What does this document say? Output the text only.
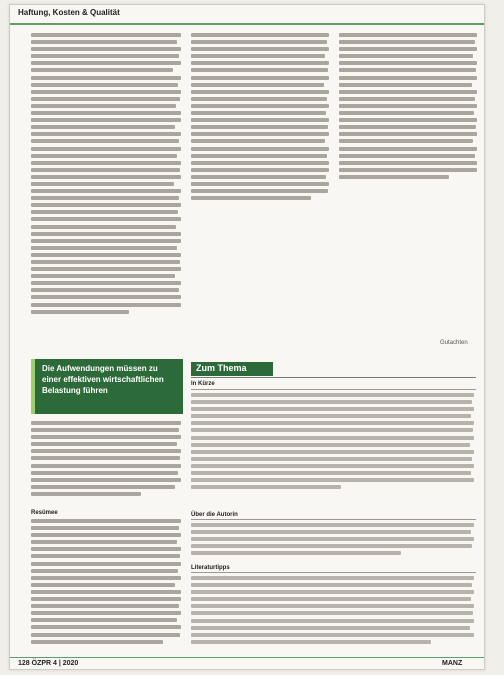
Haftung, Kosten & Qualität
Die Aufwendungen müssen zu einer effektiven wirtschaftlichen Belastung führen
Resümee
Gutachten
Zum Thema
In Kürze
Über die Autorin
Literaturtipps
128 ÖZPR 4 | 2020	MANZ
